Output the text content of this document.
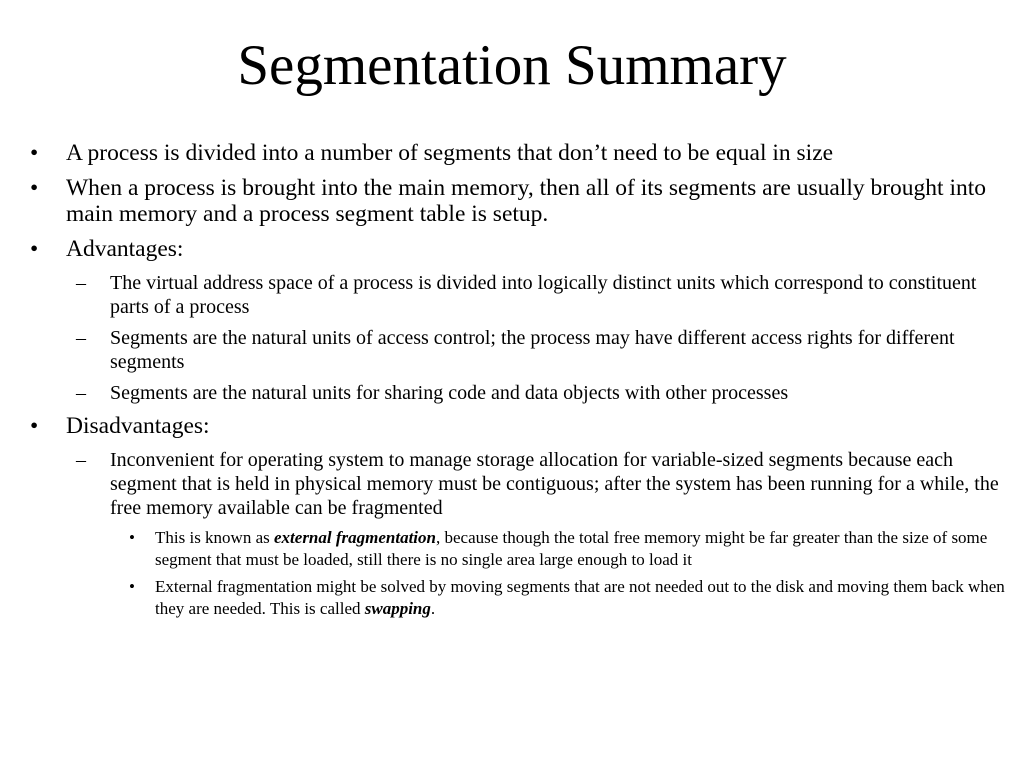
Segmentation Summary

• A process is divided into a number of segments that don’t need to be equal in size

• When a process is brought into the main memory, then all of its segments are usually brought into main memory and a process segment table is setup.

• Advantages:

– The virtual address space of a process is divided into logically distinct units which correspond to constituent parts of a process

– Segments are the natural units of access control; the process may have different access rights for different segments

– Segments are the natural units for sharing code and data objects with other processes

• Disadvantages:

– Inconvenient for operating system to manage storage allocation for variable-sized segments because each segment that is held in physical memory must be contiguous; after the system has been running for a while, the free memory available can be fragmented

• This is known as external fragmentation, because though the total free memory might be far greater than the size of some segment that must be loaded, still there is no single area large enough to load it

• External fragmentation might be solved by moving segments that are not needed out to the disk and moving them back when they are needed. This is called swapping.
